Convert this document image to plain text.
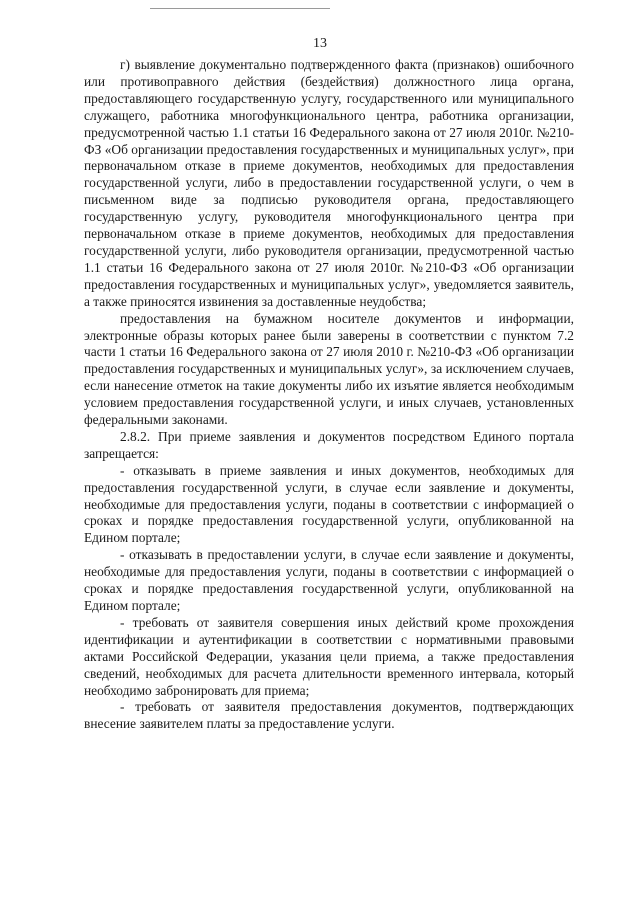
13

г) выявление документально подтвержденного факта (признаков) ошибочного или противоправного действия (бездействия) должностного лица органа, предоставляющего государственную услугу, государственного или муниципального служащего, работника многофункционального центра, работника организации, предусмотренной частью 1.1 статьи 16 Федерального закона от 27 июля 2010г. №210-ФЗ «Об организации предоставления государственных и муниципальных услуг», при первоначальном отказе в приеме документов, необходимых для предоставления государственной услуги, либо в предоставлении государственной услуги, о чем в письменном виде за подписью руководителя органа, предоставляющего государственную услугу, руководителя многофункционального центра при первоначальном отказе в приеме документов, необходимых для предоставления государственной услуги, либо руководителя организации, предусмотренной частью 1.1 статьи 16 Федерального закона от 27 июля 2010г. №210-ФЗ «Об организации предоставления государственных и муниципальных услуг», уведомляется заявитель, а также приносятся извинения за доставленные неудобства;

предоставления на бумажном носителе документов и информации, электронные образы которых ранее были заверены в соответствии с пунктом 7.2 части 1 статьи 16 Федерального закона от 27 июля 2010 г. №210-ФЗ «Об организации предоставления государственных и муниципальных услуг», за исключением случаев, если нанесение отметок на такие документы либо их изъятие является необходимым условием предоставления государственной услуги, и иных случаев, установленных федеральными законами.

2.8.2. При приеме заявления и документов посредством Единого портала запрещается:

- отказывать в приеме заявления и иных документов, необходимых для предоставления государственной услуги, в случае если заявление и документы, необходимые для предоставления услуги, поданы в соответствии с информацией о сроках и порядке предоставления государственной услуги, опубликованной на Едином портале;

- отказывать в предоставлении услуги, в случае если заявление и документы, необходимые для предоставления услуги, поданы в соответствии с информацией о сроках и порядке предоставления государственной услуги, опубликованной на Едином портале;

- требовать от заявителя совершения иных действий кроме прохождения идентификации и аутентификации в соответствии с нормативными правовыми актами Российской Федерации, указания цели приема, а также предоставления сведений, необходимых для расчета длительности временного интервала, который необходимо забронировать для приема;

- требовать от заявителя предоставления документов, подтверждающих внесение заявителем платы за предоставление услуги.
